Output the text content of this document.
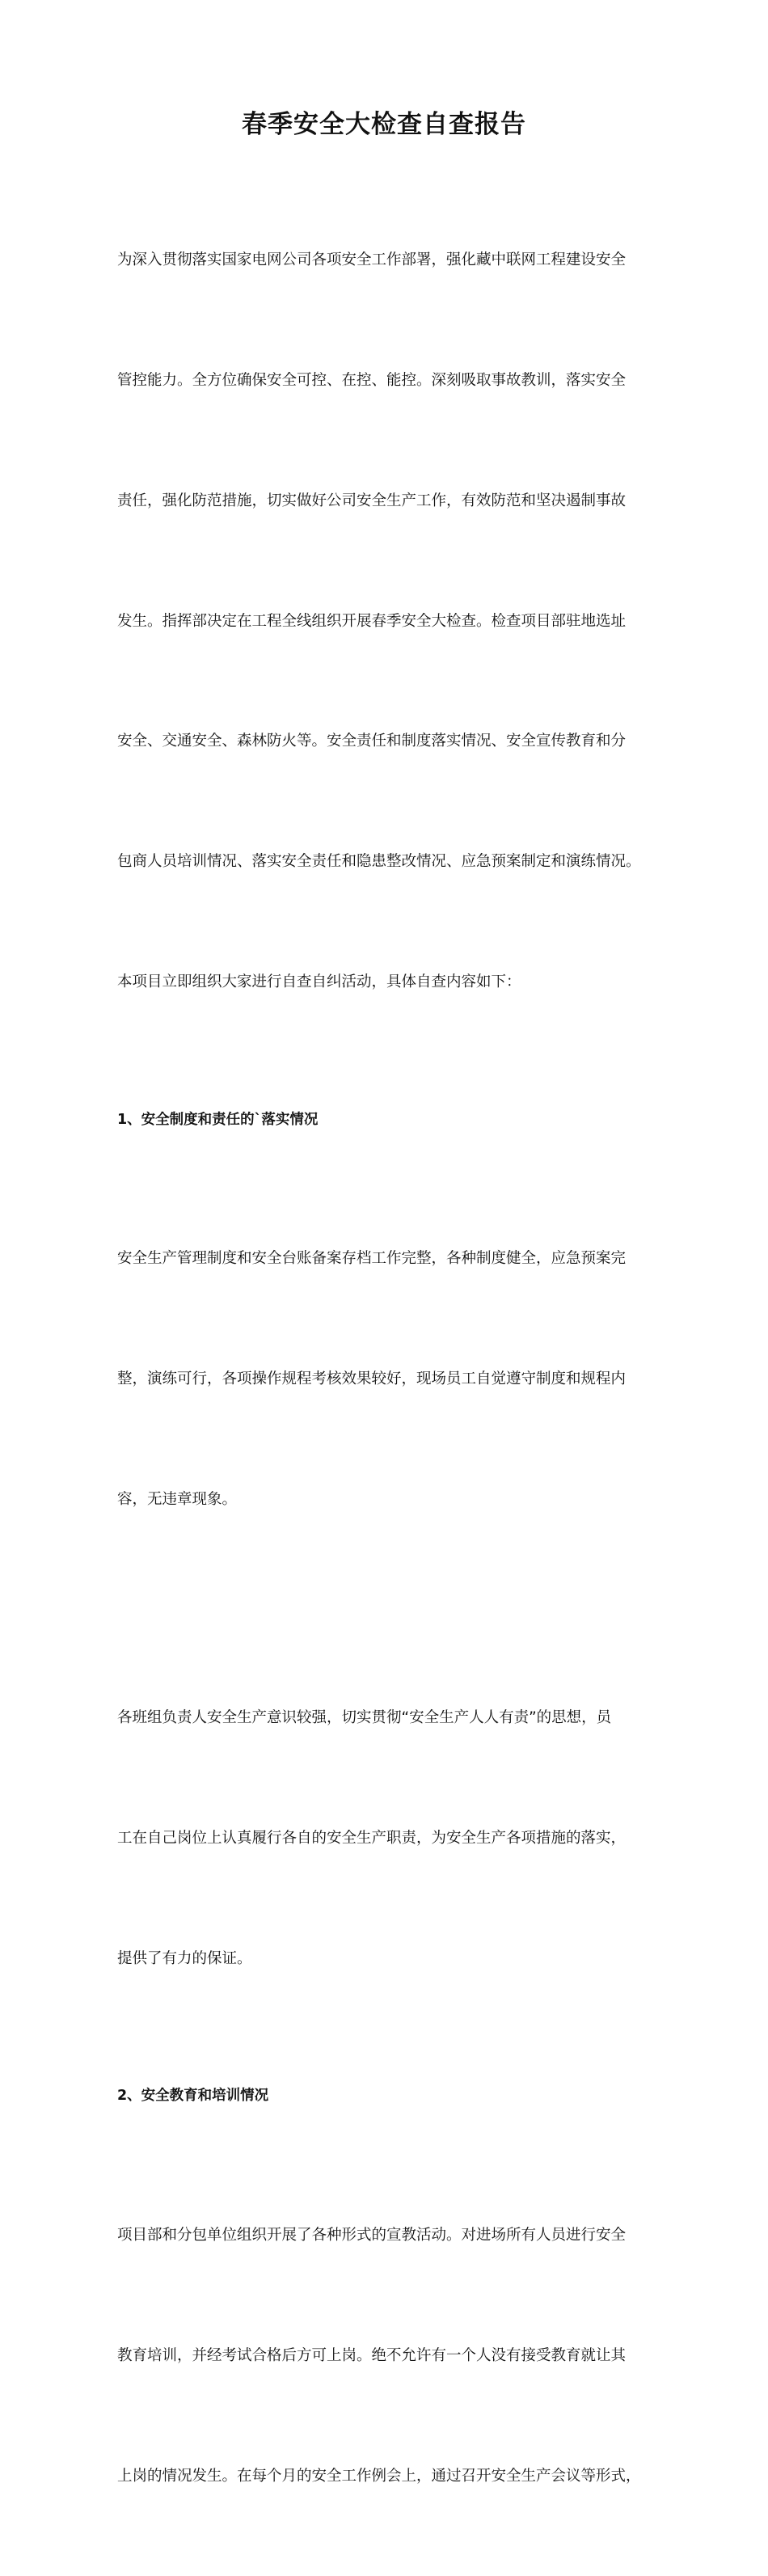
春季安全大检查自查报告

为深入贯彻落实国家电网公司各项安全工作部署，强化藏中联网工程建设安全

管控能力。全方位确保安全可控、在控、能控。深刻吸取事故教训，落实安全

责任，强化防范措施，切实做好公司安全生产工作，有效防范和坚决遏制事故

发生。指挥部决定在工程全线组织开展春季安全大检查。检查项目部驻地选址

安全、交通安全、森林防火等。安全责任和制度落实情况、安全宣传教育和分

包商人员培训情况、落实安全责任和隐患整改情况、应急预案制定和演练情况。

本项目立即组织大家进行自查自纠活动，具体自查内容如下：

1、安全制度和责任的`落实情况

安全生产管理制度和安全台账备案存档工作完整，各种制度健全，应急预案完

整，演练可行，各项操作规程考核效果较好，现场员工自觉遵守制度和规程内

容，无违章现象。

各班组负责人安全生产意识较强，切实贯彻“安全生产人人有责”的思想，员

工在自己岗位上认真履行各自的安全生产职责，为安全生产各项措施的落实，

提供了有力的保证。

2、安全教育和培训情况

项目部和分包单位组织开展了各种形式的宣教活动。对进场所有人员进行安全

教育培训，并经考试合格后方可上岗。绝不允许有一个人没有接受教育就让其

上岗的情况发生。在每个月的安全工作例会上，通过召开安全生产会议等形式，
